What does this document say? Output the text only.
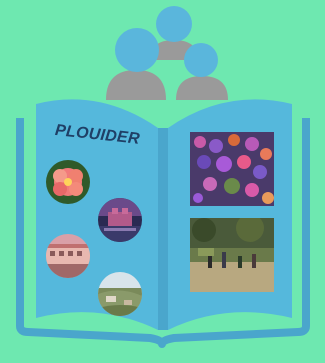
PLOUIDER
